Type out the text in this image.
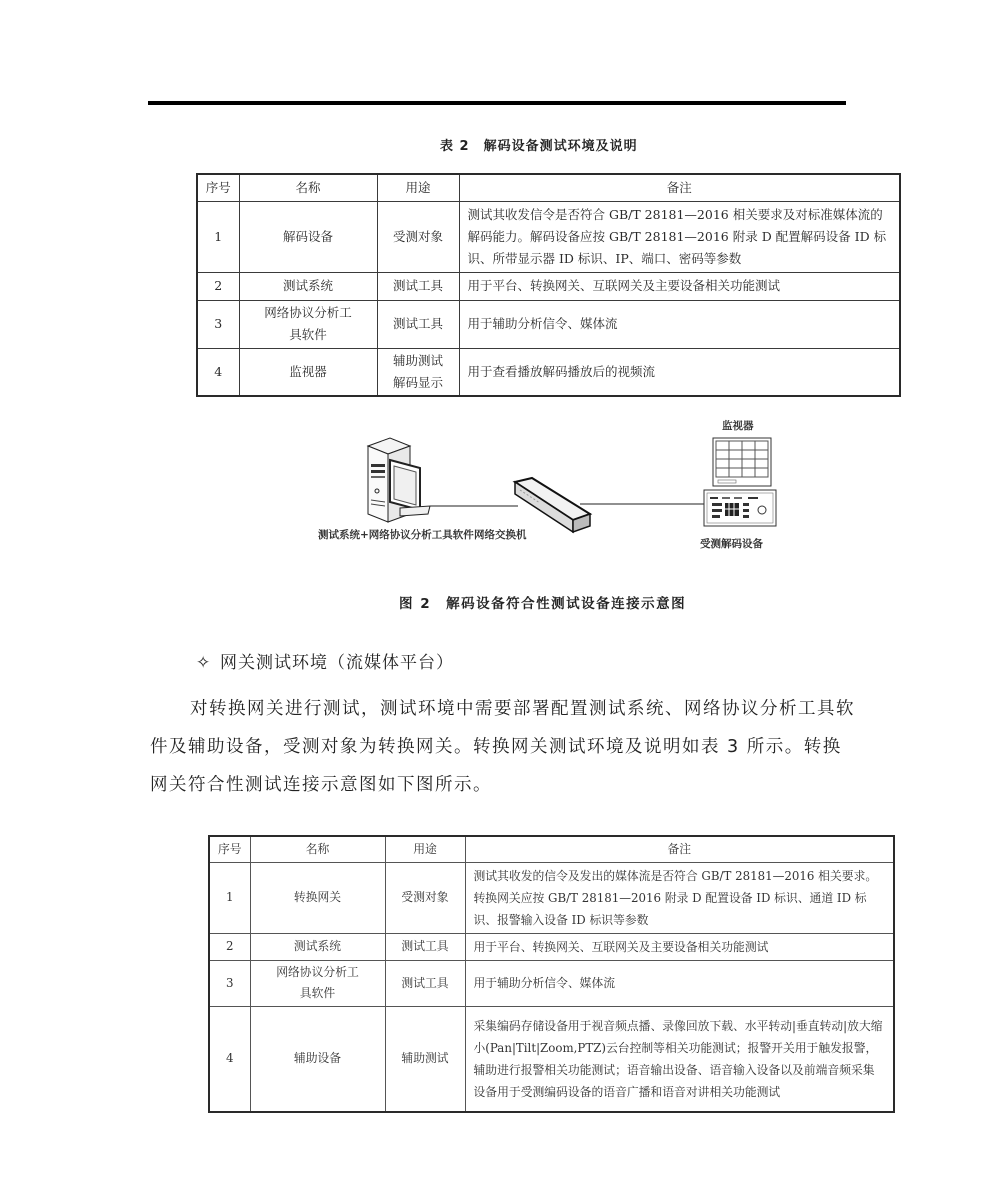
表 2　解码设备测试环境及说明
序号	名称	用途	备注
1	解码设备	受测对象	测试其收发信令是否符合 GB/T 28181—2016 相关要求及对标准媒体流的解码能力。解码设备应按 GB/T 28181—2016 附录 D 配置解码设备 ID 标识、所带显示器 ID 标识、IP、端口、密码等参数
2	测试系统	测试工具	用于平台、转换网关、互联网关及主要设备相关功能测试
3	网络协议分析工具软件	测试工具	用于辅助分析信令、媒体流
4	监视器	辅助测试解码显示	用于查看播放解码播放后的视频流
测试系统+网络协议分析工具软件 网络交换机
监视器
受测解码设备
图 2　解码设备符合性测试设备连接示意图
✧ 网关测试环境（流媒体平台）
对转换网关进行测试，测试环境中需要部署配置测试系统、网络协议分析工具软件及辅助设备，受测对象为转换网关。转换网关测试环境及说明如表 3 所示。转换网关符合性测试连接示意图如下图所示。
序号	名称	用途	备注
1	转换网关	受测对象	测试其收发的信令及发出的媒体流是否符合 GB/T 28181—2016 相关要求。转换网关应按 GB/T 28181—2016 附录 D 配置设备 ID 标识、通道 ID 标识、报警输入设备 ID 标识等参数
2	测试系统	测试工具	用于平台、转换网关、互联网关及主要设备相关功能测试
3	网络协议分析工具软件	测试工具	用于辅助分析信令、媒体流
4	辅助设备	辅助测试	采集编码存储设备用于视音频点播、录像回放下载、水平转动|垂直转动|放大缩小(Pan|Tilt|Zoom,PTZ)云台控制等相关功能测试；报警开关用于触发报警，辅助进行报警相关功能测试；语音输出设备、语音输入设备以及前端音频采集设备用于受测编码设备的语音广播和语音对讲相关功能测试
